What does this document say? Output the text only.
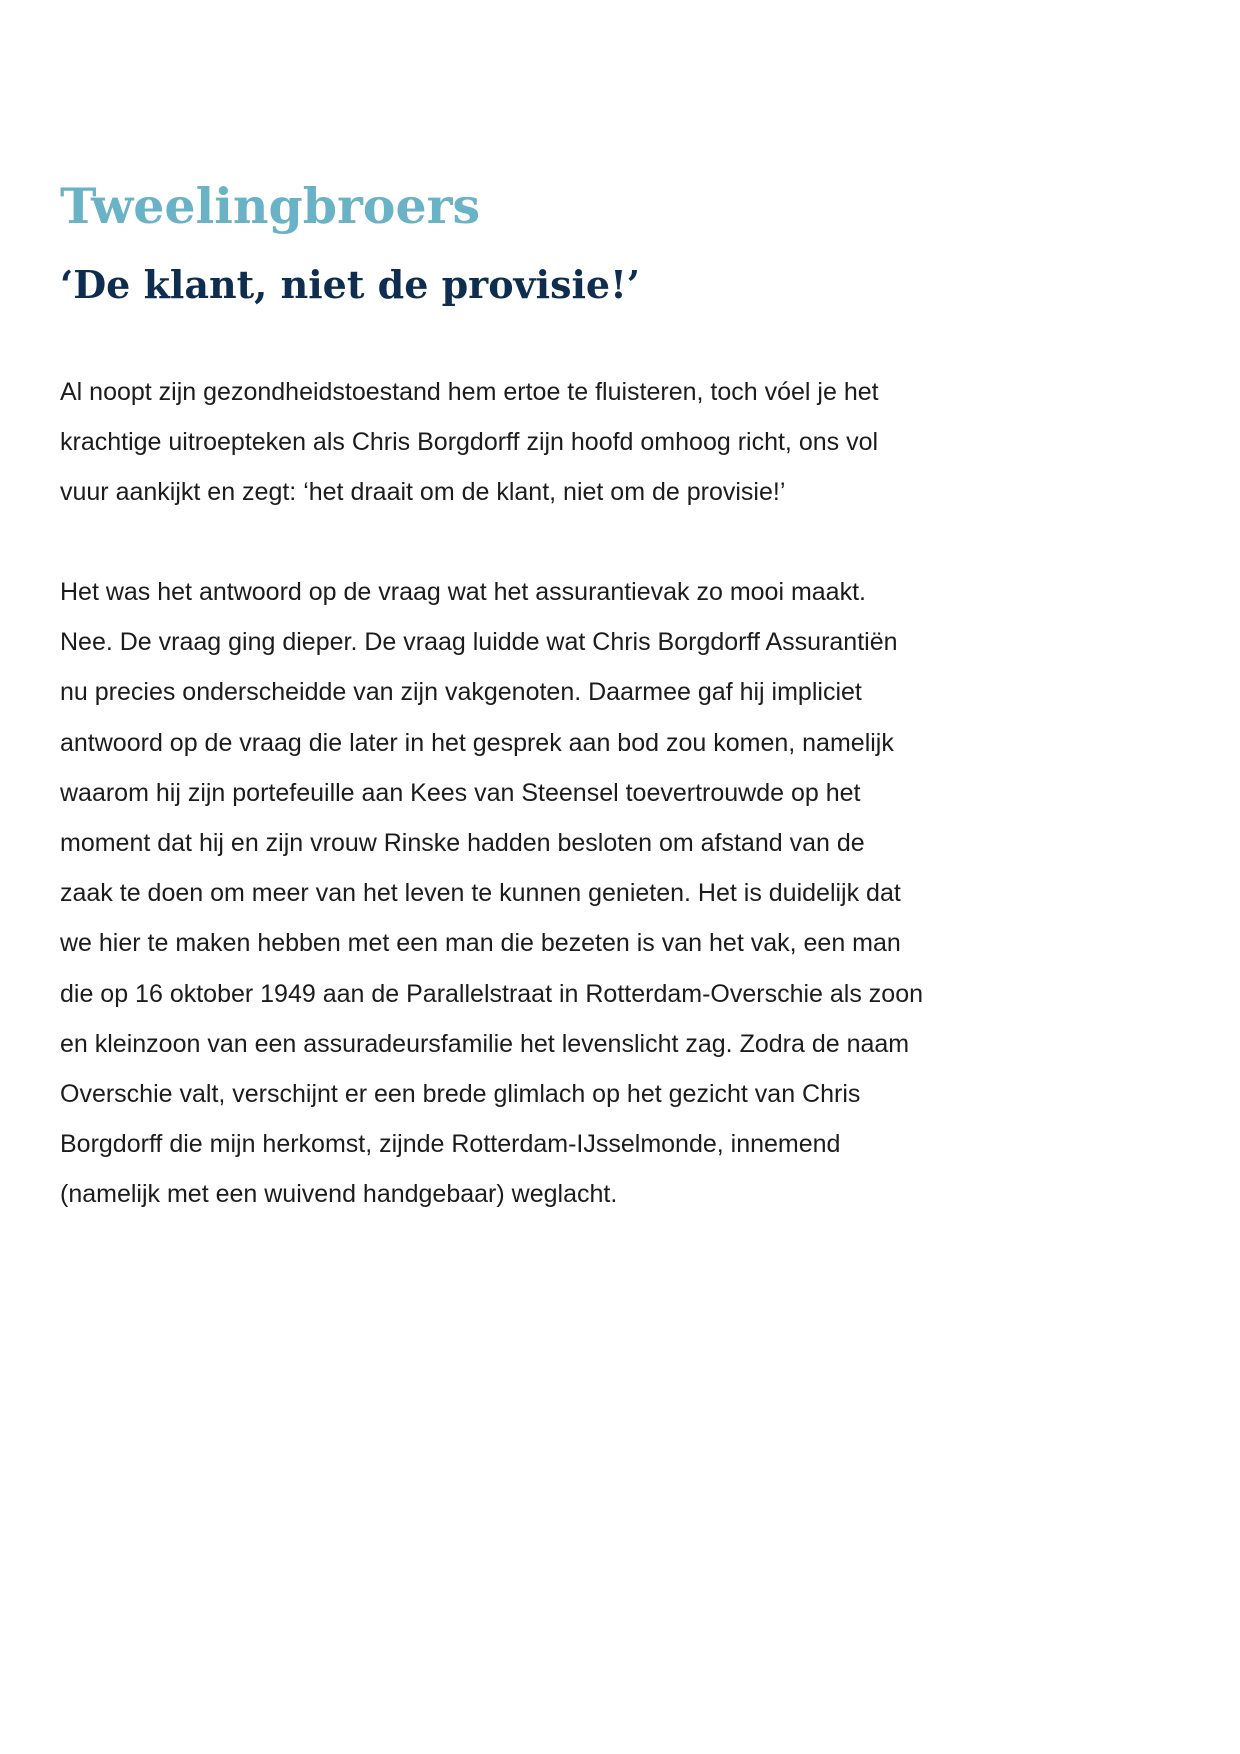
Tweelingbroers
‘De klant, niet de provisie!’

Al noopt zijn gezondheidstoestand hem ertoe te fluisteren, toch vóel je het
krachtige uitroepteken als Chris Borgdorff zijn hoofd omhoog richt, ons vol
vuur aankijkt en zegt: ‘het draait om de klant, niet om de provisie!’

Het was het antwoord op de vraag wat het assurantievak zo mooi maakt.
Nee. De vraag ging dieper. De vraag luidde wat Chris Borgdorff Assurantiën
nu precies onderscheidde van zijn vakgenoten. Daarmee gaf hij impliciet
antwoord op de vraag die later in het gesprek aan bod zou komen, namelijk
waarom hij zijn portefeuille aan Kees van Steensel toevertrouwde op het
moment dat hij en zijn vrouw Rinske hadden besloten om afstand van de
zaak te doen om meer van het leven te kunnen genieten. Het is duidelijk dat
we hier te maken hebben met een man die bezeten is van het vak, een man
die op 16 oktober 1949 aan de Parallelstraat in Rotterdam-Overschie als zoon
en kleinzoon van een assuradeursfamilie het levenslicht zag. Zodra de naam
Overschie valt, verschijnt er een brede glimlach op het gezicht van Chris
Borgdorff die mijn herkomst, zijnde Rotterdam-IJsselmonde, innemend
(namelijk met een wuivend handgebaar) weglacht.
